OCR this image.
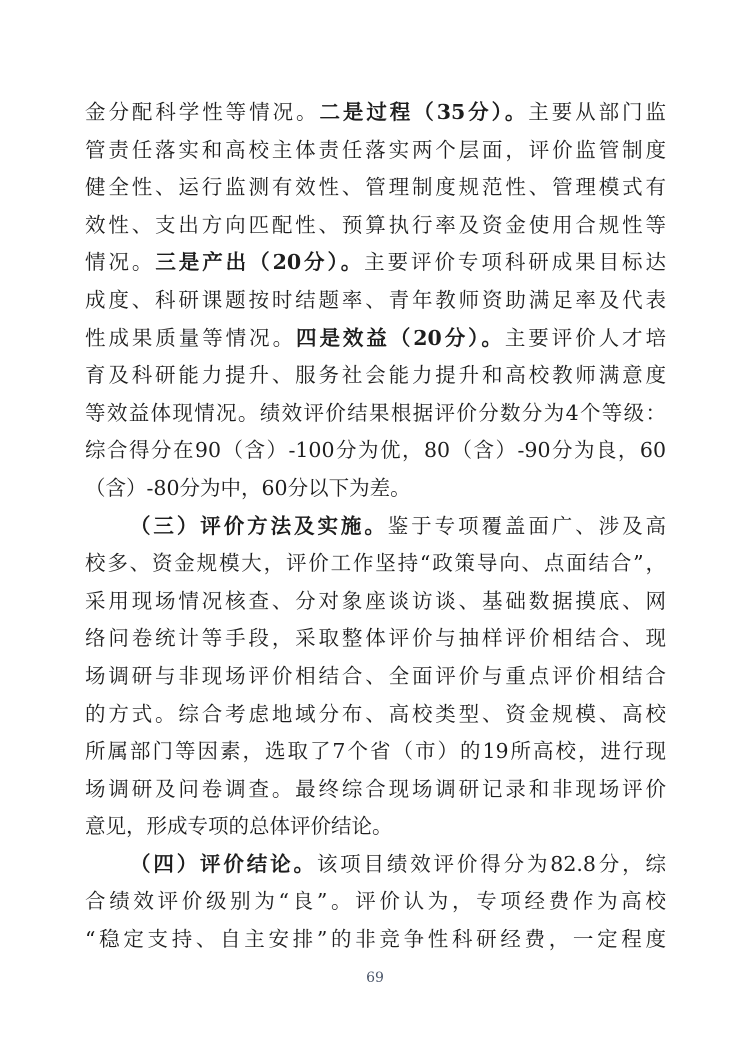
金分配科学性等情况。二是过程（35分）。主要从部门监
管责任落实和高校主体责任落实两个层面，评价监管制度
健全性、运行监测有效性、管理制度规范性、管理模式有
效性、支出方向匹配性、预算执行率及资金使用合规性等
情况。三是产出（20分）。主要评价专项科研成果目标达
成度、科研课题按时结题率、青年教师资助满足率及代表
性成果质量等情况。四是效益（20分）。主要评价人才培
育及科研能力提升、服务社会能力提升和高校教师满意度
等效益体现情况。绩效评价结果根据评价分数分为4个等级：
综合得分在90（含）-100分为优，80（含）-90分为良，60
（含）-80分为中，60分以下为差。
（三）评价方法及实施。鉴于专项覆盖面广、涉及高
校多、资金规模大，评价工作坚持“政策导向、点面结合”，
采用现场情况核查、分对象座谈访谈、基础数据摸底、网
络问卷统计等手段，采取整体评价与抽样评价相结合、现
场调研与非现场评价相结合、全面评价与重点评价相结合
的方式。综合考虑地域分布、高校类型、资金规模、高校
所属部门等因素，选取了7个省（市）的19所高校，进行现
场调研及问卷调查。最终综合现场调研记录和非现场评价
意见，形成专项的总体评价结论。
（四）评价结论。该项目绩效评价得分为82.8分，综
合绩效评价级别为“良”。评价认为，专项经费作为高校
“稳定支持、自主安排”的非竞争性科研经费，一定程度
69
